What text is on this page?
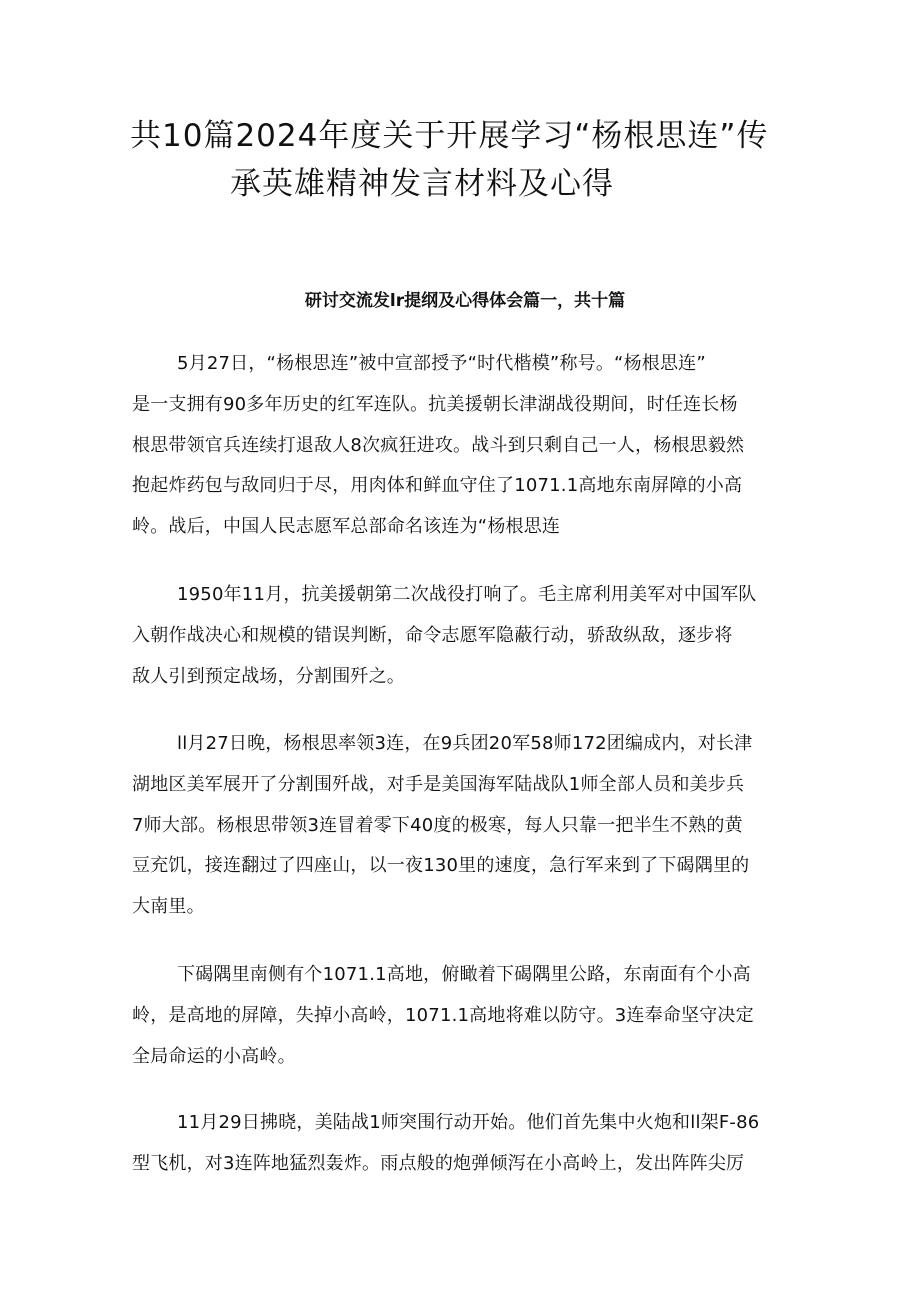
共10篇2024年度关于开展学习“杨根思连”传
承英雄精神发言材料及心得
研讨交流发lr提纲及心得体会篇一，共十篇
5月27日，“杨根思连”被中宣部授予“时代楷模”称号。“杨根思连”
是一支拥有90多年历史的红军连队。抗美援朝长津湖战役期间，时任连长杨
根思带领官兵连续打退敌人8次疯狂进攻。战斗到只剩自己一人，杨根思毅然
抱起炸药包与敌同归于尽，用肉体和鲜血守住了1071.1高地东南屏障的小高
岭。战后，中国人民志愿军总部命名该连为“杨根思连
1950年11月，抗美援朝第二次战役打响了。毛主席利用美军对中国军队
入朝作战决心和规模的错误判断，命令志愿军隐蔽行动，骄敌纵敌，逐步将
敌人引到预定战场，分割围歼之。
ll月27日晚，杨根思率领3连，在9兵团20军58师172团编成内，对长津
湖地区美军展开了分割围歼战，对手是美国海军陆战队1师全部人员和美步兵
7师大部。杨根思带领3连冒着零下40度的极寒，每人只靠一把半生不熟的黄
豆充饥，接连翻过了四座山，以一夜130里的速度，急行军来到了下碣隅里的
大南里。
下碣隅里南侧有个1071.1高地，俯瞰着下碣隅里公路，东南面有个小高
岭，是高地的屏障，失掉小高岭，1071.1高地将难以防守。3连奉命坚守决定
全局命运的小高岭。
11月29日拂晓，美陆战1师突围行动开始。他们首先集中火炮和ll架F-86
型飞机，对3连阵地猛烈轰炸。雨点般的炮弹倾泻在小高岭上，发出阵阵尖厉
